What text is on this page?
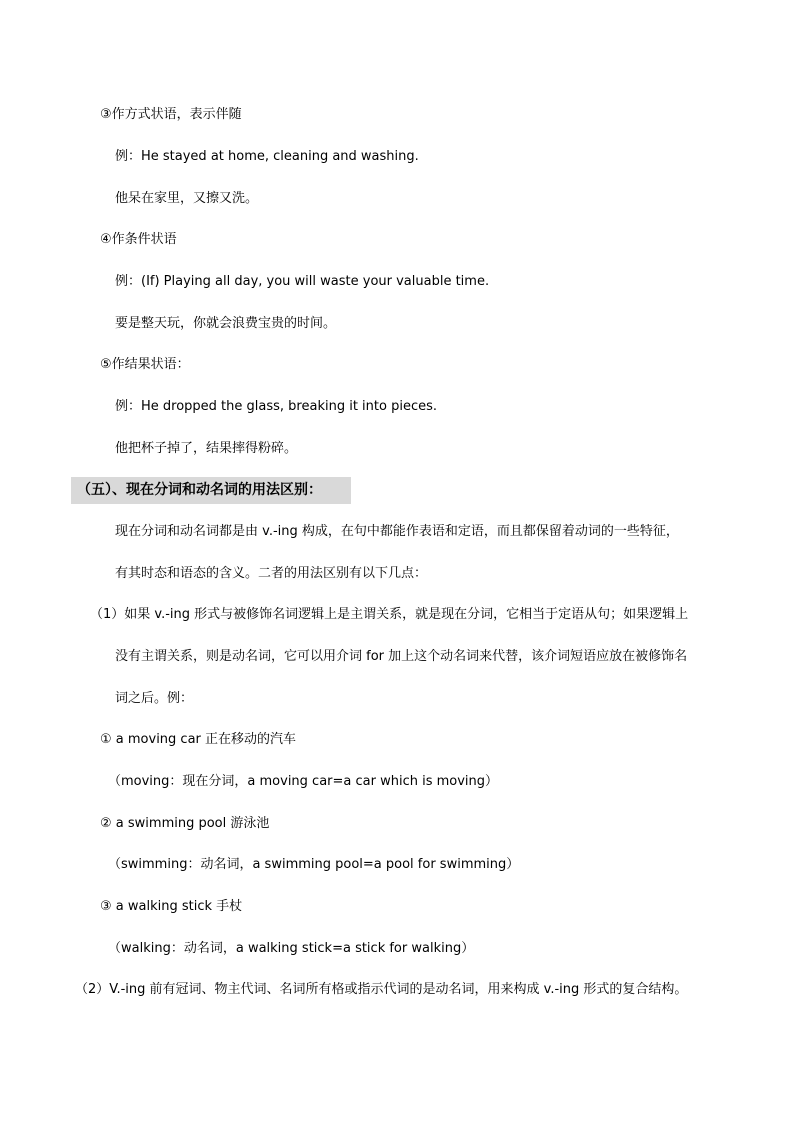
③作方式状语，表示伴随
例：He stayed at home, cleaning and washing.
他呆在家里，又擦又洗。
④作条件状语
例：(If) Playing all day, you will waste your valuable time.
要是整天玩，你就会浪费宝贵的时间。
⑤作结果状语：
例：He dropped the glass, breaking it into pieces.
他把杯子掉了，结果摔得粉碎。
（五）、现在分词和动名词的用法区别：
现在分词和动名词都是由 v.-ing 构成，在句中都能作表语和定语，而且都保留着动词的一些特征，
有其时态和语态的含义。二者的用法区别有以下几点：
（1）如果 v.-ing 形式与被修饰名词逻辑上是主谓关系，就是现在分词，它相当于定语从句；如果逻辑上
没有主谓关系，则是动名词，它可以用介词 for 加上这个动名词来代替，该介词短语应放在被修饰名
词之后。例：
① a moving car 正在移动的汽车
（moving：现在分词，a moving car=a car which is moving）
② a swimming pool 游泳池
（swimming：动名词，a swimming pool=a pool for swimming）
③ a walking stick 手杖
（walking：动名词，a walking stick=a stick for walking）
（2）V.-ing 前有冠词、物主代词、名词所有格或指示代词的是动名词，用来构成 v.-ing 形式的复合结构。
